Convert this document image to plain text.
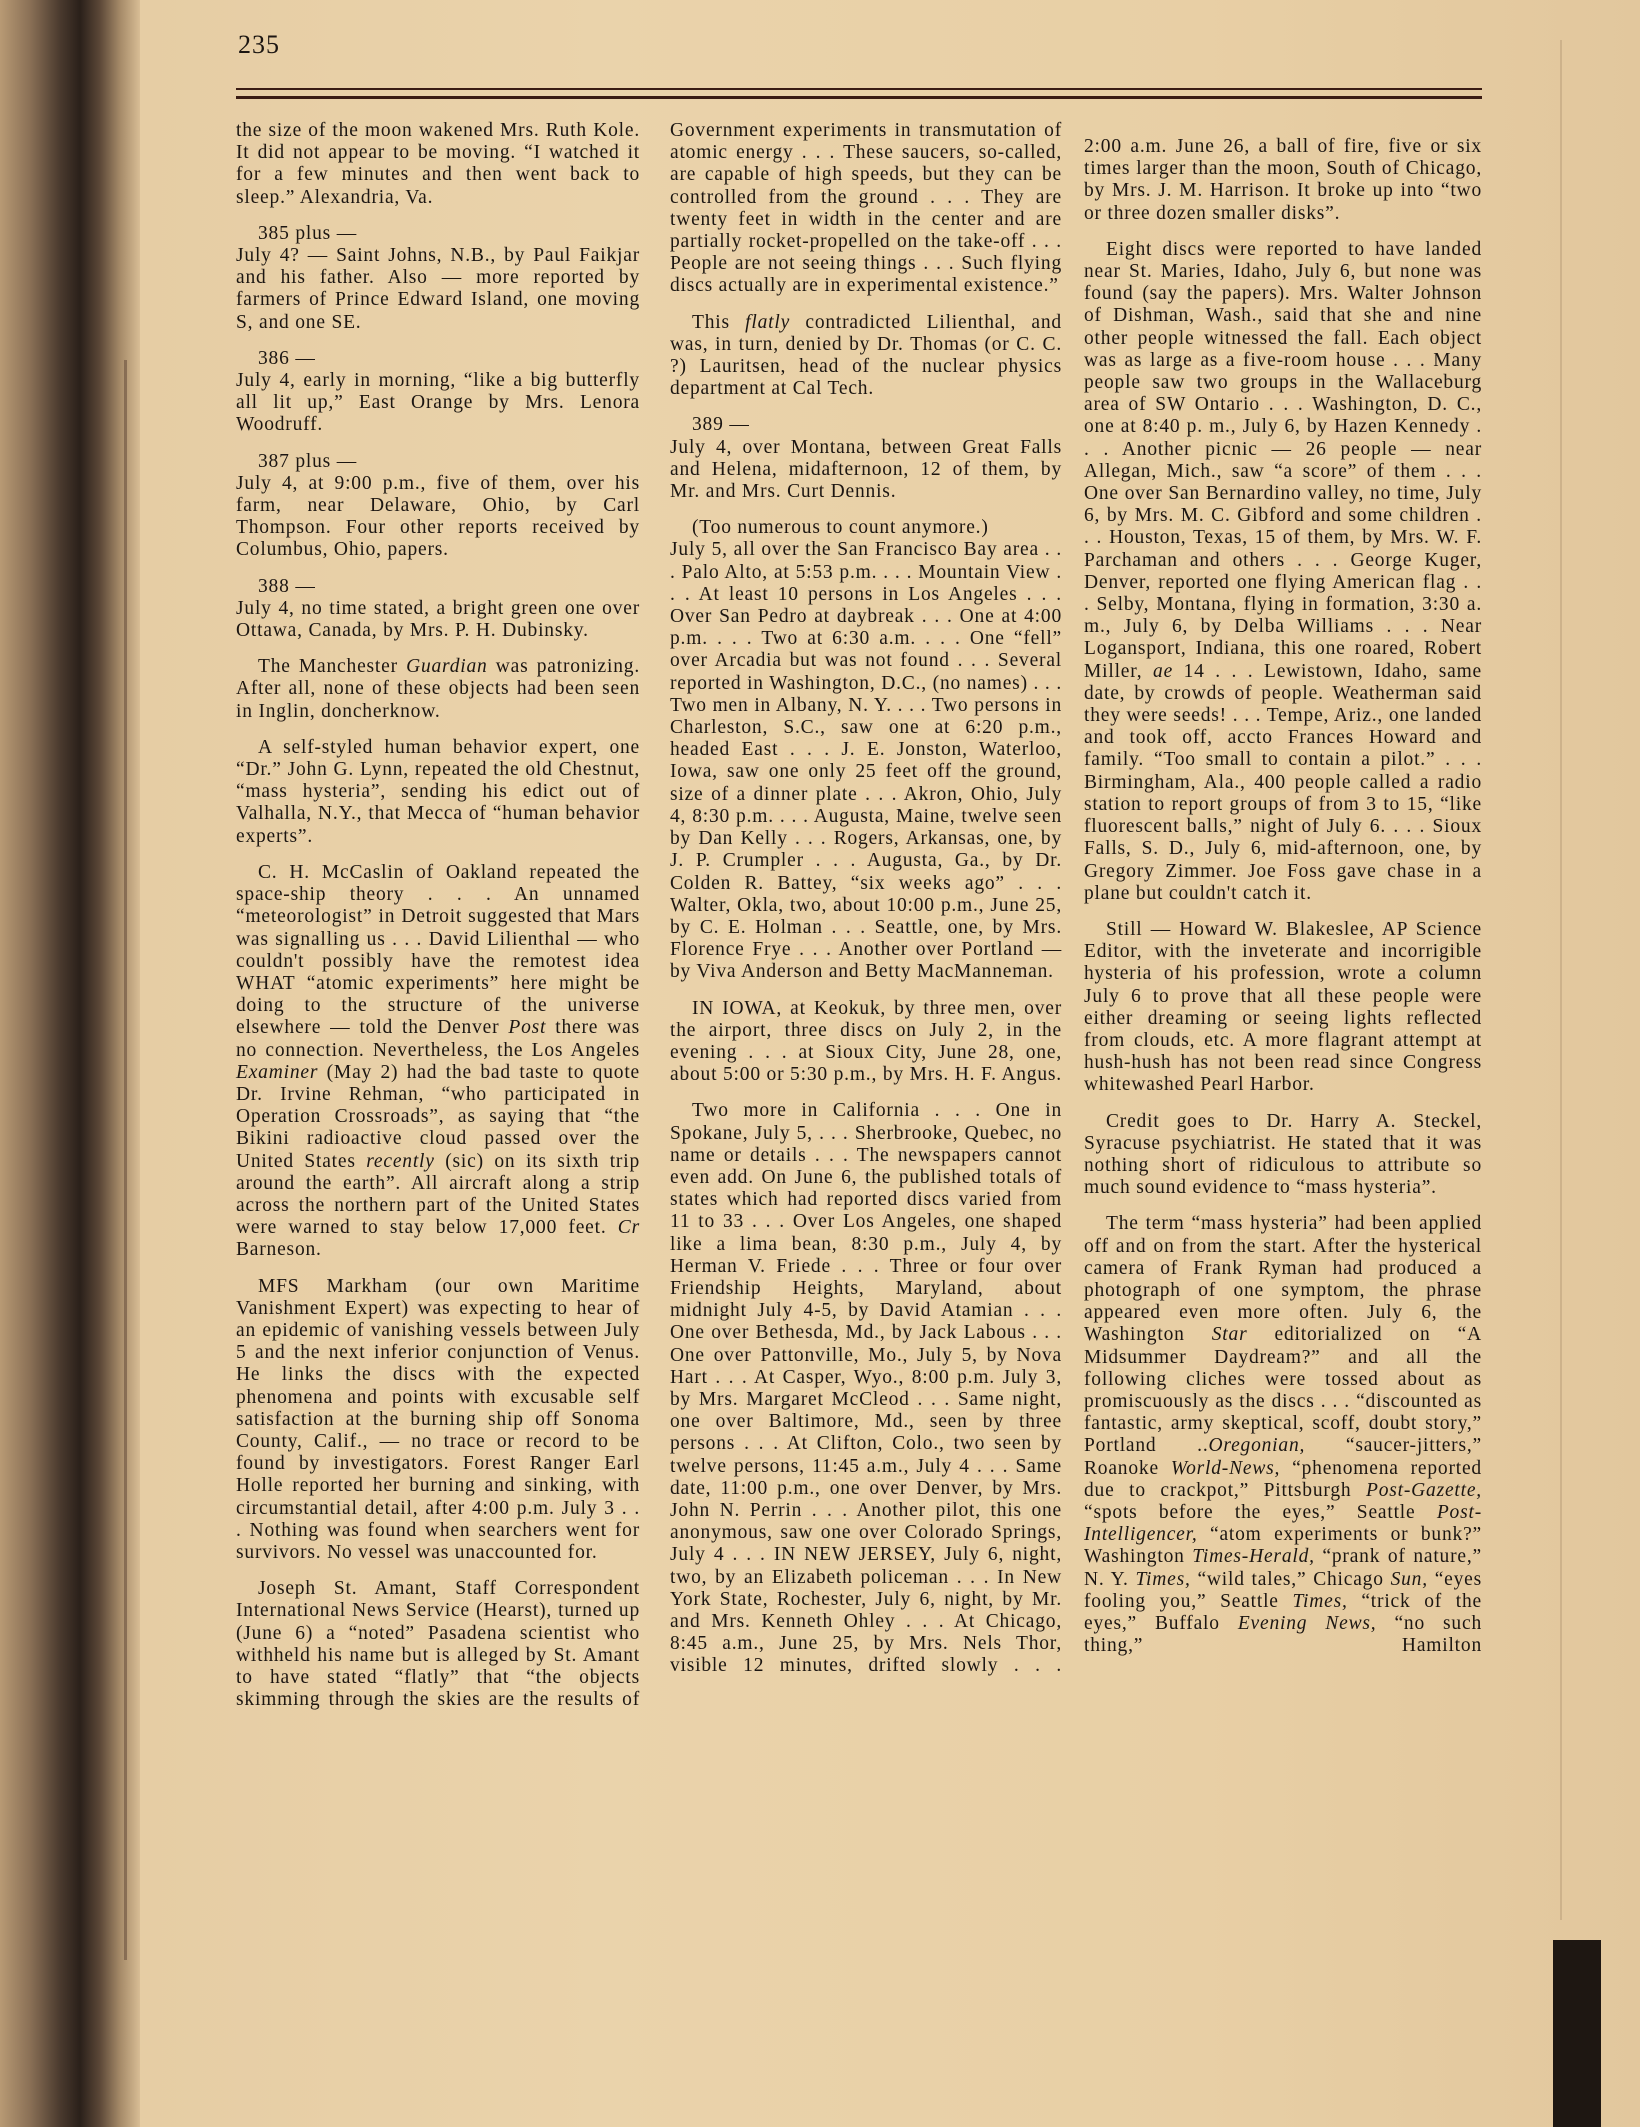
235

the size of the moon wakened Mrs. Ruth Kole. It did not appear to be moving. “I watched it for a few minutes and then went back to sleep.” Alexandria, Va.

385 plus —

July 4? — Saint Johns, N.B., by Paul Faikjar and his father. Also — more reported by farmers of Prince Edward Island, one moving S, and one SE.

386 —

July 4, early in morning, “like a big butterfly all lit up,” East Orange by Mrs. Lenora Woodruff.

387 plus —

July 4, at 9:00 p.m., five of them, over his farm, near Delaware, Ohio, by Carl Thompson. Four other reports received by Columbus, Ohio, papers.

388 —

July 4, no time stated, a bright green one over Ottawa, Canada, by Mrs. P. H. Dubinsky.

The Manchester Guardian was patronizing. After all, none of these objects had been seen in Inglin, doncherknow.

A self-styled human behavior expert, one “Dr.” John G. Lynn, repeated the old Chestnut, “mass hysteria”, sending his edict out of Valhalla, N.Y., that Mecca of “human behavior experts”.

C. H. McCaslin of Oakland repeated the space-ship theory . . . An unnamed “meteorologist” in Detroit suggested that Mars was signalling us . . . David Lilienthal — who couldn't possibly have the remotest idea WHAT “atomic experiments” here might be doing to the structure of the universe elsewhere — told the Denver Post there was no connection. Nevertheless, the Los Angeles Examiner (May 2) had the bad taste to quote Dr. Irvine Rehman, “who participated in Operation Crossroads”, as saying that “the Bikini radioactive cloud passed over the United States recently (sic) on its sixth trip around the earth”. All aircraft along a strip across the northern part of the United States were warned to stay below 17,000 feet. Cr Barneson.

MFS Markham (our own Maritime Vanishment Expert) was expecting to hear of an epidemic of vanishing vessels between July 5 and the next inferior conjunction of Venus. He links the discs with the expected phenomena and points with excusable self satisfaction at the burning ship off Sonoma County, Calif., — no trace or record to be found by investigators. Forest Ranger Earl Holle reported her burning and sinking, with circumstantial detail, after 4:00 p.m. July 3 . . . Nothing was found when searchers went for survivors. No vessel was unaccounted for.

Joseph St. Amant, Staff Correspondent International News Service (Hearst), turned up (June 6) a “noted” Pasadena scientist who withheld his name but is alleged by St. Amant to have stated “flatly” that “the objects skimming through the skies are the results of

Government experiments in transmutation of atomic energy . . . These saucers, so-called, are capable of high speeds, but they can be controlled from the ground . . . They are twenty feet in width in the center and are partially rocket-propelled on the take-off . . . People are not seeing things . . . Such flying discs actually are in experimental existence.”

This flatly contradicted Lilienthal, and was, in turn, denied by Dr. Thomas (or C. C. ?) Lauritsen, head of the nuclear physics department at Cal Tech.

389 —

July 4, over Montana, between Great Falls and Helena, midafternoon, 12 of them, by Mr. and Mrs. Curt Dennis.

(Too numerous to count anymore.)

July 5, all over the San Francisco Bay area . . . Palo Alto, at 5:53 p.m. . . . Mountain View . . . At least 10 persons in Los Angeles . . . Over San Pedro at daybreak . . . One at 4:00 p.m. . . . Two at 6:30 a.m. . . . One “fell” over Arcadia but was not found . . . Several reported in Washington, D.C., (no names) . . . Two men in Albany, N. Y. . . . Two persons in Charleston, S.C., saw one at 6:20 p.m., headed East . . . J. E. Jonston, Waterloo, Iowa, saw one only 25 feet off the ground, size of a dinner plate . . . Akron, Ohio, July 4, 8:30 p.m. . . . Augusta, Maine, twelve seen by Dan Kelly . . . Rogers, Arkansas, one, by J. P. Crumpler . . . Augusta, Ga., by Dr. Colden R. Battey, “six weeks ago” . . . Walter, Okla, two, about 10:00 p.m., June 25, by C. E. Holman . . . Seattle, one, by Mrs. Florence Frye . . . Another over Portland — by Viva Anderson and Betty MacManneman.

IN IOWA, at Keokuk, by three men, over the airport, three discs on July 2, in the evening . . . at Sioux City, June 28, one, about 5:00 or 5:30 p.m., by Mrs. H. F. Angus.

Two more in California . . . One in Spokane, July 5, . . . Sherbrooke, Quebec, no name or details . . . The newspapers cannot even add. On June 6, the published totals of states which had reported discs varied from 11 to 33 . . . Over Los Angeles, one shaped like a lima bean, 8:30 p.m., July 4, by Herman V. Friede . . . Three or four over Friendship Heights, Maryland, about midnight July 4-5, by David Atamian . . . One over Bethesda, Md., by Jack Labous . . . One over Pattonville, Mo., July 5, by Nova Hart . . . At Casper, Wyo., 8:00 p.m. July 3, by Mrs. Margaret McCleod . . . Same night, one over Baltimore, Md., seen by three persons . . . At Clifton, Colo., two seen by twelve persons, 11:45 a.m., July 4 . . . Same date, 11:00 p.m., one over Denver, by Mrs. John N. Perrin . . . Another pilot, this one anonymous, saw one over Colorado Springs, July 4 . . . IN NEW JERSEY, July 6, night, two, by an Elizabeth policeman . . . In New York State, Rochester, July 6, night, by Mr. and Mrs. Kenneth Ohley . . . At Chicago, 8:45 a.m., June 25, by Mrs. Nels Thor, visible 12 minutes, drifted slowly . . .

2:00 a.m. June 26, a ball of fire, five or six times larger than the moon, South of Chicago, by Mrs. J. M. Harrison. It broke up into “two or three dozen smaller disks”.

Eight discs were reported to have landed near St. Maries, Idaho, July 6, but none was found (say the papers). Mrs. Walter Johnson of Dishman, Wash., said that she and nine other people witnessed the fall. Each object was as large as a five-room house . . . Many people saw two groups in the Wallaceburg area of SW Ontario . . . Washington, D. C., one at 8:40 p. m., July 6, by Hazen Kennedy . . . Another picnic — 26 people — near Allegan, Mich., saw “a score” of them . . . One over San Bernardino valley, no time, July 6, by Mrs. M. C. Gibford and some children . . . Houston, Texas, 15 of them, by Mrs. W. F. Parchaman and others . . . George Kuger, Denver, reported one flying American flag . . . Selby, Montana, flying in formation, 3:30 a. m., July 6, by Delba Williams . . . Near Logansport, Indiana, this one roared, Robert Miller, ae 14 . . . Lewistown, Idaho, same date, by crowds of people. Weatherman said they were seeds! . . . Tempe, Ariz., one landed and took off, accto Frances Howard and family. “Too small to contain a pilot.” . . . Birmingham, Ala., 400 people called a radio station to report groups of from 3 to 15, “like fluorescent balls,” night of July 6. . . . Sioux Falls, S. D., July 6, mid-afternoon, one, by Gregory Zimmer. Joe Foss gave chase in a plane but couldn't catch it.

Still — Howard W. Blakeslee, AP Science Editor, with the inveterate and incorrigible hysteria of his profession, wrote a column July 6 to prove that all these people were either dreaming or seeing lights reflected from clouds, etc. A more flagrant attempt at hush-hush has not been read since Congress whitewashed Pearl Harbor.

Credit goes to Dr. Harry A. Steckel, Syracuse psychiatrist. He stated that it was nothing short of ridiculous to attribute so much sound evidence to “mass hysteria”.

The term “mass hysteria” had been applied off and on from the start. After the hysterical camera of Frank Ryman had produced a photograph of one symptom, the phrase appeared even more often. July 6, the Washington Star editorialized on “A Midsummer Daydream?” and all the following cliches were tossed about as promiscuously as the discs . . . “discounted as fantastic, army skeptical, scoff, doubt story,” Portland ..Oregonian, “saucer-jitters,” Roanoke World-News, “phenomena reported due to crackpot,” Pittsburgh Post-Gazette, “spots before the eyes,” Seattle Post-Intelligencer, “atom experiments or bunk?” Washington Times-Herald, “prank of nature,” N. Y. Times, “wild tales,” Chicago Sun, “eyes fooling you,” Seattle Times, “trick of the eyes,” Buffalo Evening News, “no such thing,” Hamilton
